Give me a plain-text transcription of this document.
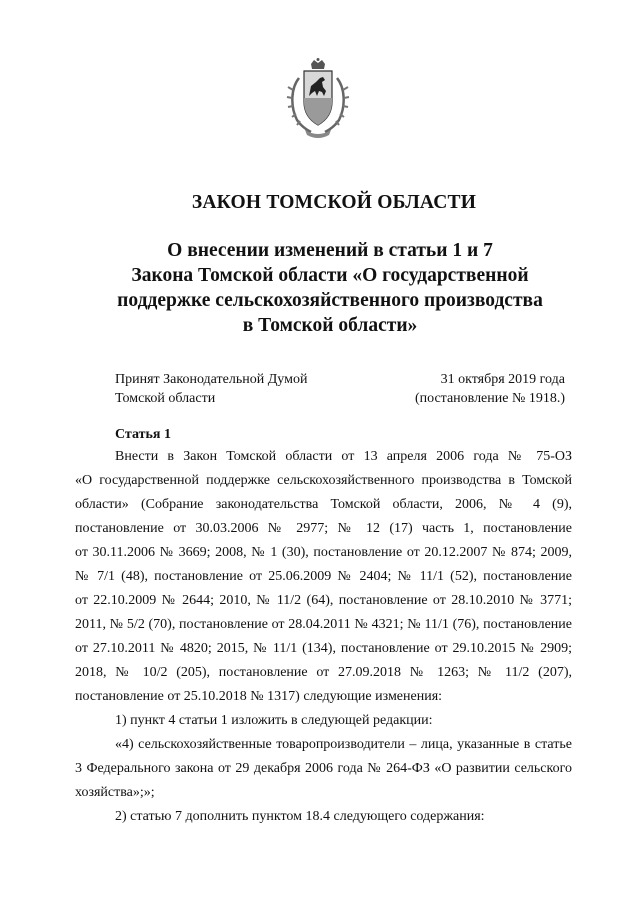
ЗАКОН ТОМСКОЙ ОБЛАСТИ
О внесении изменений в статьи 1 и 7
Закона Томской области «О государственной
поддержке сельскохозяйственного производства
в Томской области»
Принят Законодательной Думой
Томской области
31 октября 2019 года
(постановление № 1918.)
Статья 1
Внести в Закон Томской области от 13 апреля 2006 года № 75-ОЗ
«О государственной поддержке сельскохозяйственного производства в Томской
области» (Собрание законодательства Томской области, 2006, № 4 (9),
постановление от 30.03.2006 № 2977; № 12 (17) часть 1, постановление
от 30.11.2006 № 3669; 2008, № 1 (30), постановление от 20.12.2007 № 874; 2009,
№ 7/1 (48), постановление от 25.06.2009 № 2404; № 11/1 (52), постановление
от 22.10.2009 № 2644; 2010, № 11/2 (64), постановление от 28.10.2010 № 3771;
2011, № 5/2 (70), постановление от 28.04.2011 № 4321; № 11/1 (76), постановление
от 27.10.2011 № 4820; 2015, № 11/1 (134), постановление от 29.10.2015 № 2909;
2018, № 10/2 (205), постановление от 27.09.2018 № 1263; № 11/2 (207),
постановление от 25.10.2018 № 1317) следующие изменения:
1) пункт 4 статьи 1 изложить в следующей редакции:
«4) сельскохозяйственные товаропроизводители – лица, указанные в статье
3 Федерального закона от 29 декабря 2006 года № 264-ФЗ «О развитии сельского
хозяйства»;»;
2) статью 7 дополнить пунктом 18.4 следующего содержания:
